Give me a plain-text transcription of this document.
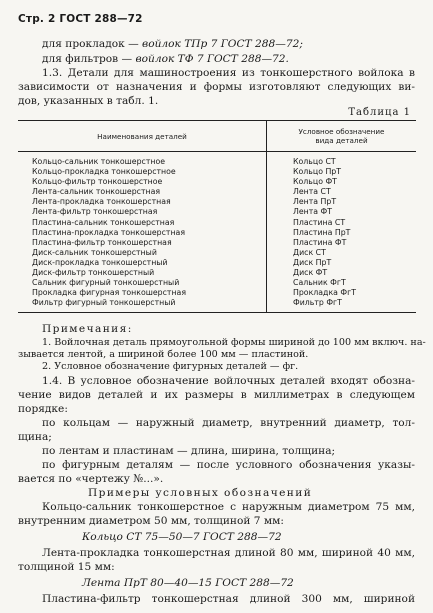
Стр. 2 ГОСТ 288—72
для прокладок — войлок ТПр 7 ГОСТ 288—72;
для фильтров — войлок ТФ 7 ГОСТ 288—72.
1.3. Детали для машиностроения из тонкошерстного войлока в
зависимости от назначения и формы изготовляют следующих ви-
дов, указанных в табл. 1.
Таблица 1
Наименования деталей	Условное обозначение
вида деталей
Кольцо-сальник тонкошерстное	Кольцо СТ
Кольцо-прокладка тонкошерстное	Кольцо ПрТ
Кольцо-фильтр тонкошерстное	Кольцо ФТ
Лента-сальник тонкошерстная	Лента СТ
Лента-прокладка тонкошерстная	Лента ПрТ
Лента-фильтр тонкошерстная	Лента ФТ
Пластина-сальник тонкошерстная	Пластина СТ
Пластина-прокладка тонкошерстная	Пластина ПрТ
Пластина-фильтр тонкошерстная	Пластина ФТ
Диск-сальник тонкошерстный	Диск СТ
Диск-прокладка тонкошерстный	Диск ПрТ
Диск-фильтр тонкошерстный	Диск ФТ
Сальник фигурный тонкошерстный	Сальник ФгТ
Прокладка фигурная тонкошерстная	Прокладка ФгТ
Фильтр фигурный тонкошерстный	Фильтр ФгТ
Примечания:
1. Войлочная деталь прямоугольной формы шириной до 100 мм включ. на-
зывается лентой, а шириной более 100 мм — пластиной.
2. Условное обозначение фигурных деталей — фг.
1.4. В условное обозначение войлочных деталей входят обозна-
чение видов деталей и их размеры в миллиметрах в следующем
порядке:
по кольцам — наружный диаметр, внутренний диаметр, тол-
щина;
по лентам и пластинам — длина, ширина, толщина;
по фигурным деталям — после условного обозначения указы-
вается по «чертежу №...».
Примеры условных обозначений
Кольцо-сальник тонкошерстное с наружным диаметром 75 мм,
внутренним диаметром 50 мм, толщиной 7 мм:
Кольцо СТ 75—50—7 ГОСТ 288—72
Лента-прокладка тонкошерстная длиной 80 мм, шириной 40 мм,
толщиной 15 мм:
Лента ПрТ 80—40—15 ГОСТ 288—72
Пластина-фильтр тонкошерстная длиной 300 мм, шириной
